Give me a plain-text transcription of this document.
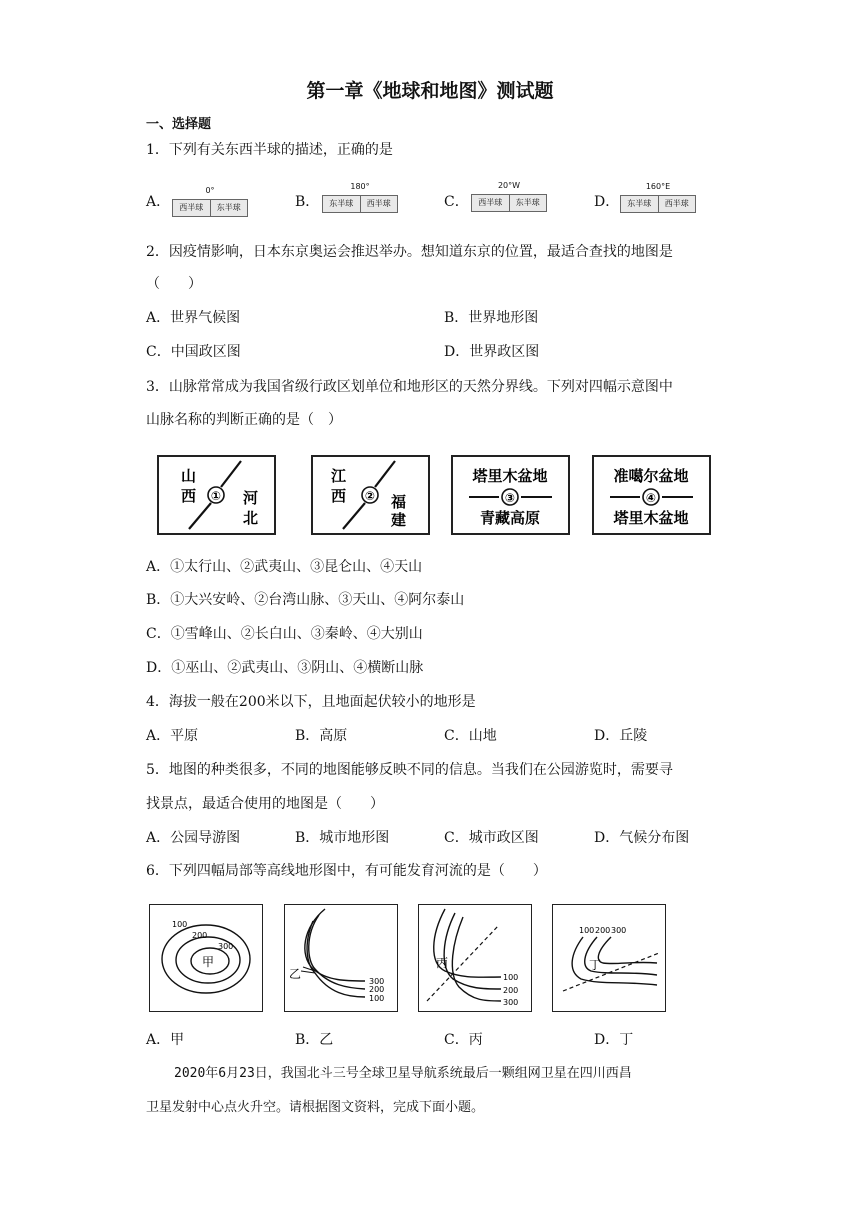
第一章《地球和地图》测试题
一、选择题
1．下列有关东西半球的描述，正确的是
A．
0°
西半球	东半球	B．
180°
东半球	西半球	C．
20°W
西半球	东半球	D．
160°E
东半球	西半球
2．因疫情影响，日本东京奥运会推迟举办。想知道东京的位置，最适合查找的地图是
（　　）
A．世界气候图	B．世界地形图
C．中国政区图	D．世界政区图
3．山脉常常成为我国省级行政区划单位和地形区的天然分界线。下列对四幅示意图中
山脉名称的判断正确的是（　）
①
山
西	河
北
②
江
西	福
建
塔里木盆地
③
青藏高原
准噶尔盆地
④
塔里木盆地
A．①太行山、②武夷山、③昆仑山、④天山
B．①大兴安岭、②台湾山脉、③天山、④阿尔泰山
C．①雪峰山、②长白山、③秦岭、④大别山
D．①巫山、②武夷山、③阴山、④横断山脉
4．海拔一般在200米以下，且地面起伏较小的地形是
A．平原	B．高原	C．山地	D．丘陵
5．地图的种类很多，不同的地图能够反映不同的信息。当我们在公园游览时，需要寻
找景点，最适合使用的地图是（　　）
A．公园导游图	B．城市地形图	C．城市政区图	D．气候分布图
6．下列四幅局部等高线地形图中，有可能发育河流的是（　　）
100
200
300
甲
300
200
100
乙	100
200
300
丙
100 200 300
丁
A．甲	B．乙	C．丙	D．丁
2020年6月23日，我国北斗三号全球卫星导航系统最后一颗组网卫星在四川西昌
卫星发射中心点火升空。请根据图文资料，完成下面小题。
